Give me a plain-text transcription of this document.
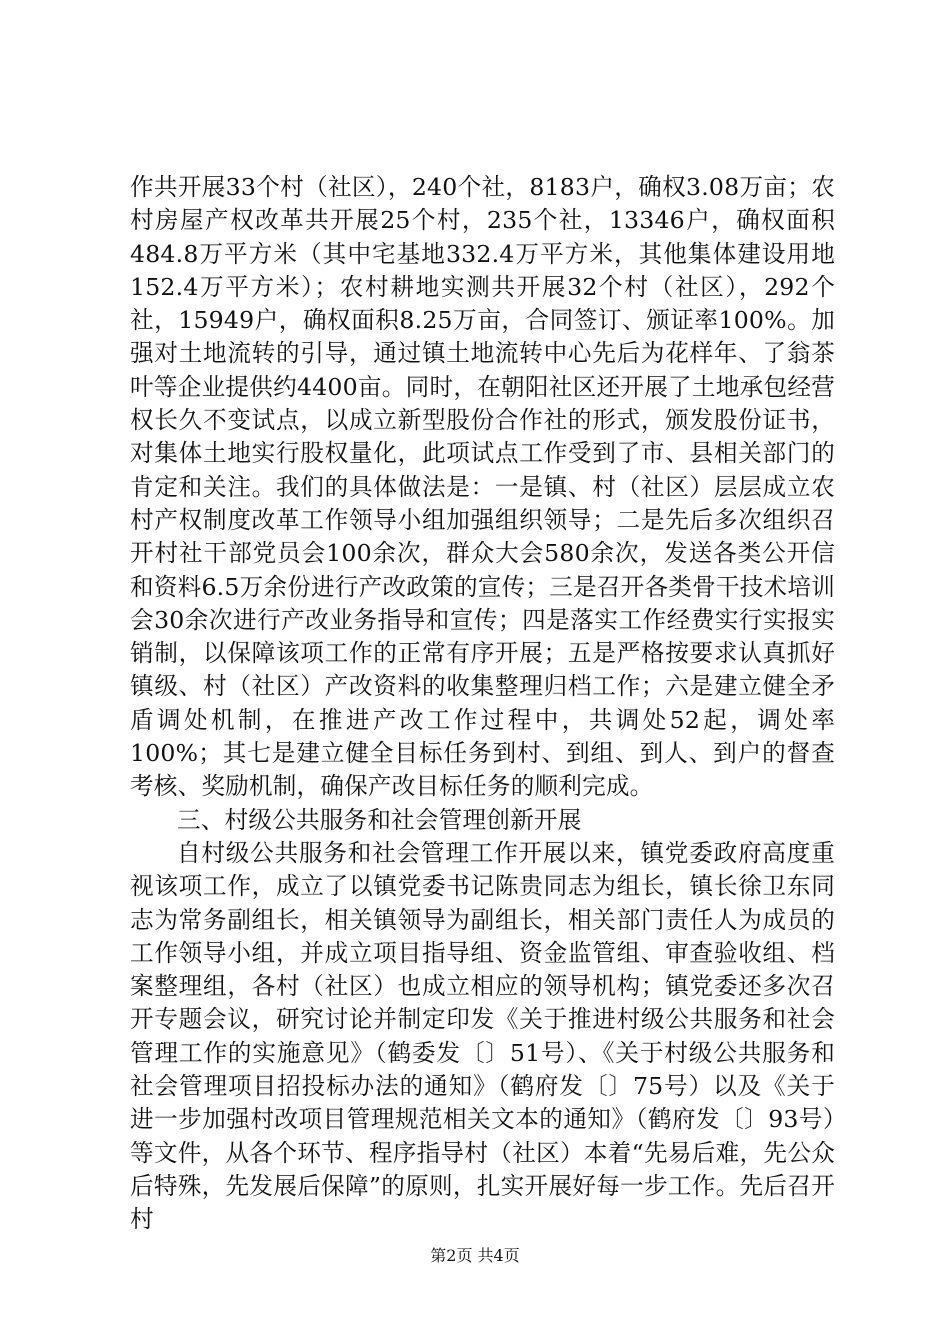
作共开展33个村（社区），240个社，8183户，确权3.08万亩；农村房屋产权改革共开展25个村，235个社，13346户，确权面积484.8万平方米（其中宅基地332.4万平方米，其他集体建设用地152.4万平方米）；农村耕地实测共开展32个村（社区），292个社，15949户，确权面积8.25万亩，合同签订、颁证率100%。加强对土地流转的引导，通过镇土地流转中心先后为花样年、了翁茶叶等企业提供约4400亩。同时，在朝阳社区还开展了土地承包经营权长久不变试点，以成立新型股份合作社的形式，颁发股份证书，对集体土地实行股权量化，此项试点工作受到了市、县相关部门的肯定和关注。我们的具体做法是：一是镇、村（社区）层层成立农村产权制度改革工作领导小组加强组织领导；二是先后多次组织召开村社干部党员会100余次，群众大会580余次，发送各类公开信和资料6.5万余份进行产改政策的宣传；三是召开各类骨干技术培训会30余次进行产改业务指导和宣传；四是落实工作经费实行实报实销制，以保障该项工作的正常有序开展；五是严格按要求认真抓好镇级、村（社区）产改资料的收集整理归档工作；六是建立健全矛盾调处机制，在推进产改工作过程中，共调处52起，调处率100%；其七是建立健全目标任务到村、到组、到人、到户的督查考核、奖励机制，确保产改目标任务的顺利完成。

三、村级公共服务和社会管理创新开展

自村级公共服务和社会管理工作开展以来，镇党委政府高度重视该项工作，成立了以镇党委书记陈贵同志为组长，镇长徐卫东同志为常务副组长，相关镇领导为副组长，相关部门责任人为成员的工作领导小组，并成立项目指导组、资金监管组、审查验收组、档案整理组，各村（社区）也成立相应的领导机构；镇党委还多次召开专题会议，研究讨论并制定印发《关于推进村级公共服务和社会管理工作的实施意见》（鹤委发〔〕51号）、《关于村级公共服务和社会管理项目招投标办法的通知》（鹤府发〔〕75号）以及《关于进一步加强村改项目管理规范相关文本的通知》（鹤府发〔〕93号）等文件，从各个环节、程序指导村（社区）本着“先易后难，先公众后特殊，先发展后保障”的原则，扎实开展好每一步工作。先后召开村

第2页 共4页
